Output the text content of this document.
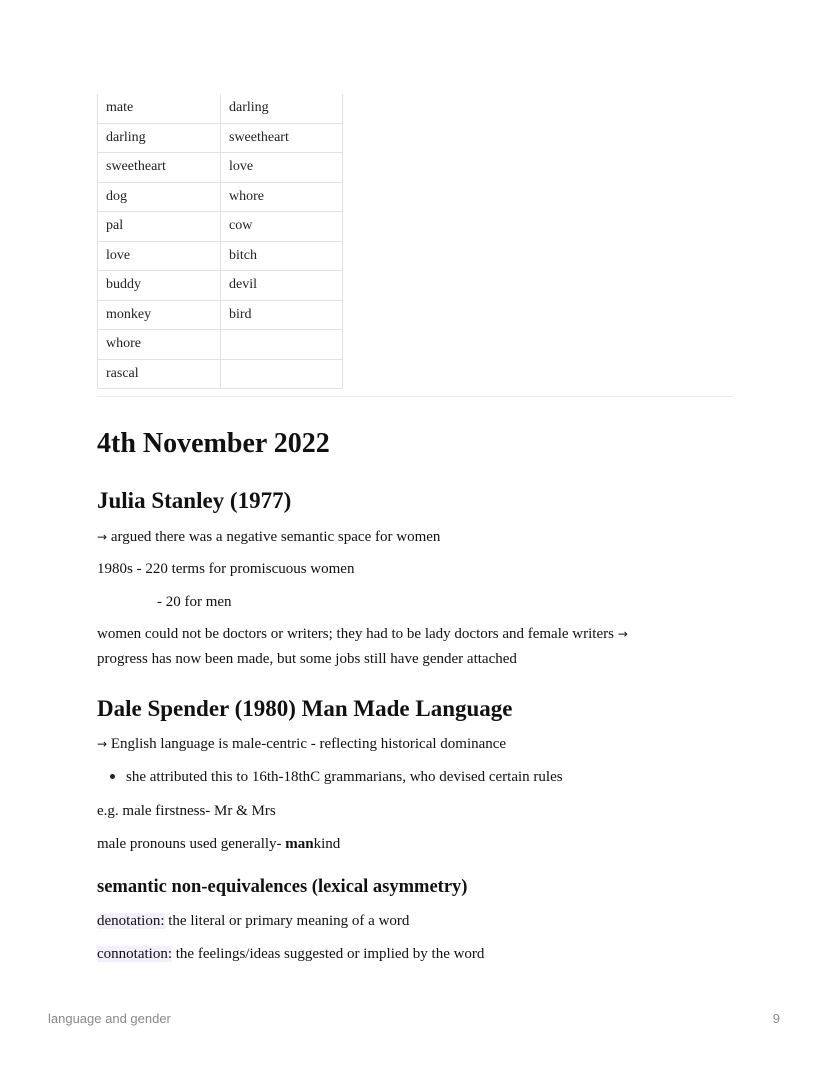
mate	darling
darling	sweetheart
sweetheart	love
dog	whore
pal	cow
love	bitch
buddy	devil
monkey	bird
whore	
rascal	
4th November 2022
Julia Stanley (1977)

→ argued there was a negative semantic space for women

1980s - 220 terms for promiscuous women

- 20 for men

women could not be doctors or writers; they had to be lady doctors and female writers →

progress has now been made, but some jobs still have gender attached

Dale Spender (1980) Man Made Language

→ English language is male-centric - reflecting historical dominance

she attributed this to 16th-18thC grammarians, who devised certain rules

e.g. male firstness- Mr & Mrs

male pronouns used generally- mankind

semantic non-equivalences (lexical asymmetry)

denotation: the literal or primary meaning of a word

connotation: the feelings/ideas suggested or implied by the word

language and gender	9
